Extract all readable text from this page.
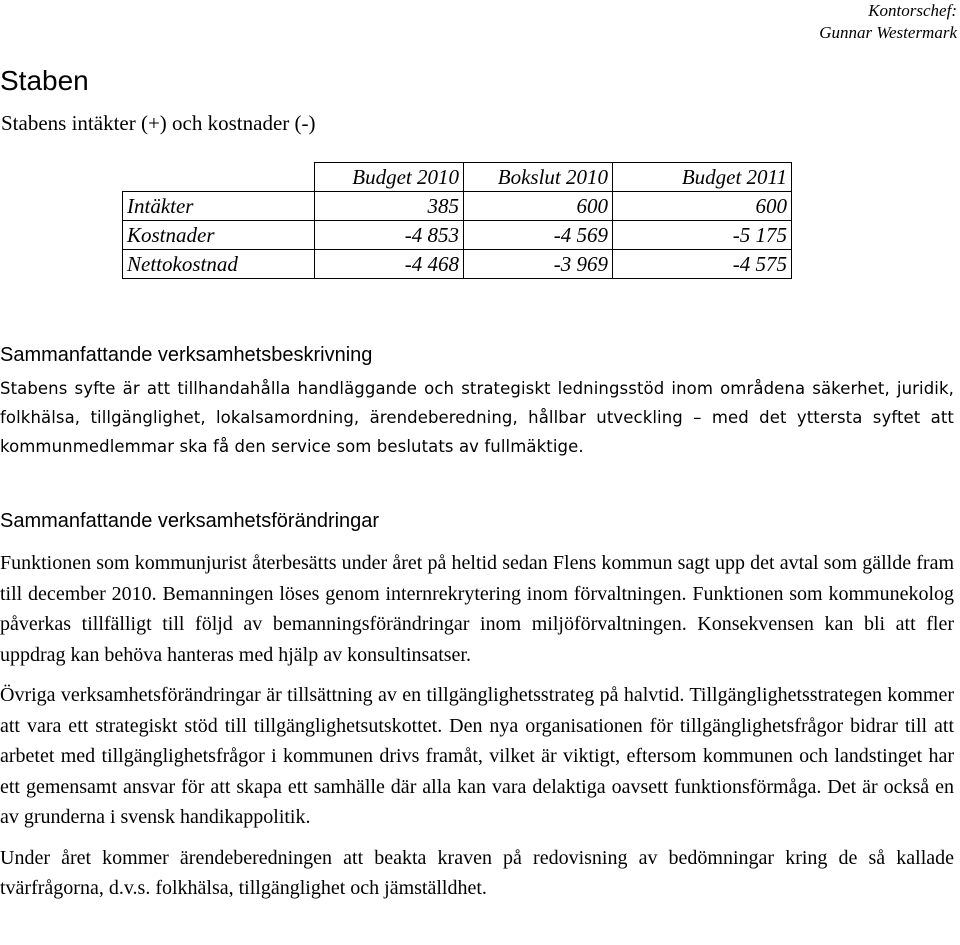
Kontorschef:
Gunnar Westermark
Staben
Stabens intäkter (+) och kostnader (-)
	Budget 2010	Bokslut 2010	Budget 2011
Intäkter	385	600	600
Kostnader	-4 853	-4 569	-5 175
Nettokostnad	-4 468	-3 969	-4 575
Sammanfattande verksamhetsbeskrivning

Stabens syfte är att tillhandahålla handläggande och strategiskt ledningsstöd inom områdena säkerhet, juridik, folkhälsa, tillgänglighet, lokalsamordning, ärendeberedning, hållbar utveckling – med det yttersta syftet att kommunmedlemmar ska få den service som beslutats av fullmäktige.

Sammanfattande verksamhetsförändringar

Funktionen som kommunjurist återbesätts under året på heltid sedan Flens kommun sagt upp det avtal som gällde fram till december 2010. Bemanningen löses genom internrekrytering inom förvaltningen. Funktionen som kommunekolog påverkas tillfälligt till följd av bemanningsförändringar inom miljöförvaltningen. Konsekvensen kan bli att fler uppdrag kan behöva hanteras med hjälp av konsultinsatser.

Övriga verksamhetsförändringar är tillsättning av en tillgänglighetsstrateg på halvtid. Tillgänglighetsstrategen kommer att vara ett strategiskt stöd till tillgänglighetsutskottet. Den nya organisationen för tillgänglighetsfrågor bidrar till att arbetet med tillgänglighetsfrågor i kommunen drivs framåt, vilket är viktigt, eftersom kommunen och landstinget har ett gemensamt ansvar för att skapa ett samhälle där alla kan vara delaktiga oavsett funktionsförmåga. Det är också en av grunderna i svensk handikappolitik.

Under året kommer ärendeberedningen att beakta kraven på redovisning av bedömningar kring de så kallade tvärfrågorna, d.v.s. folkhälsa, tillgänglighet och jämställdhet.
